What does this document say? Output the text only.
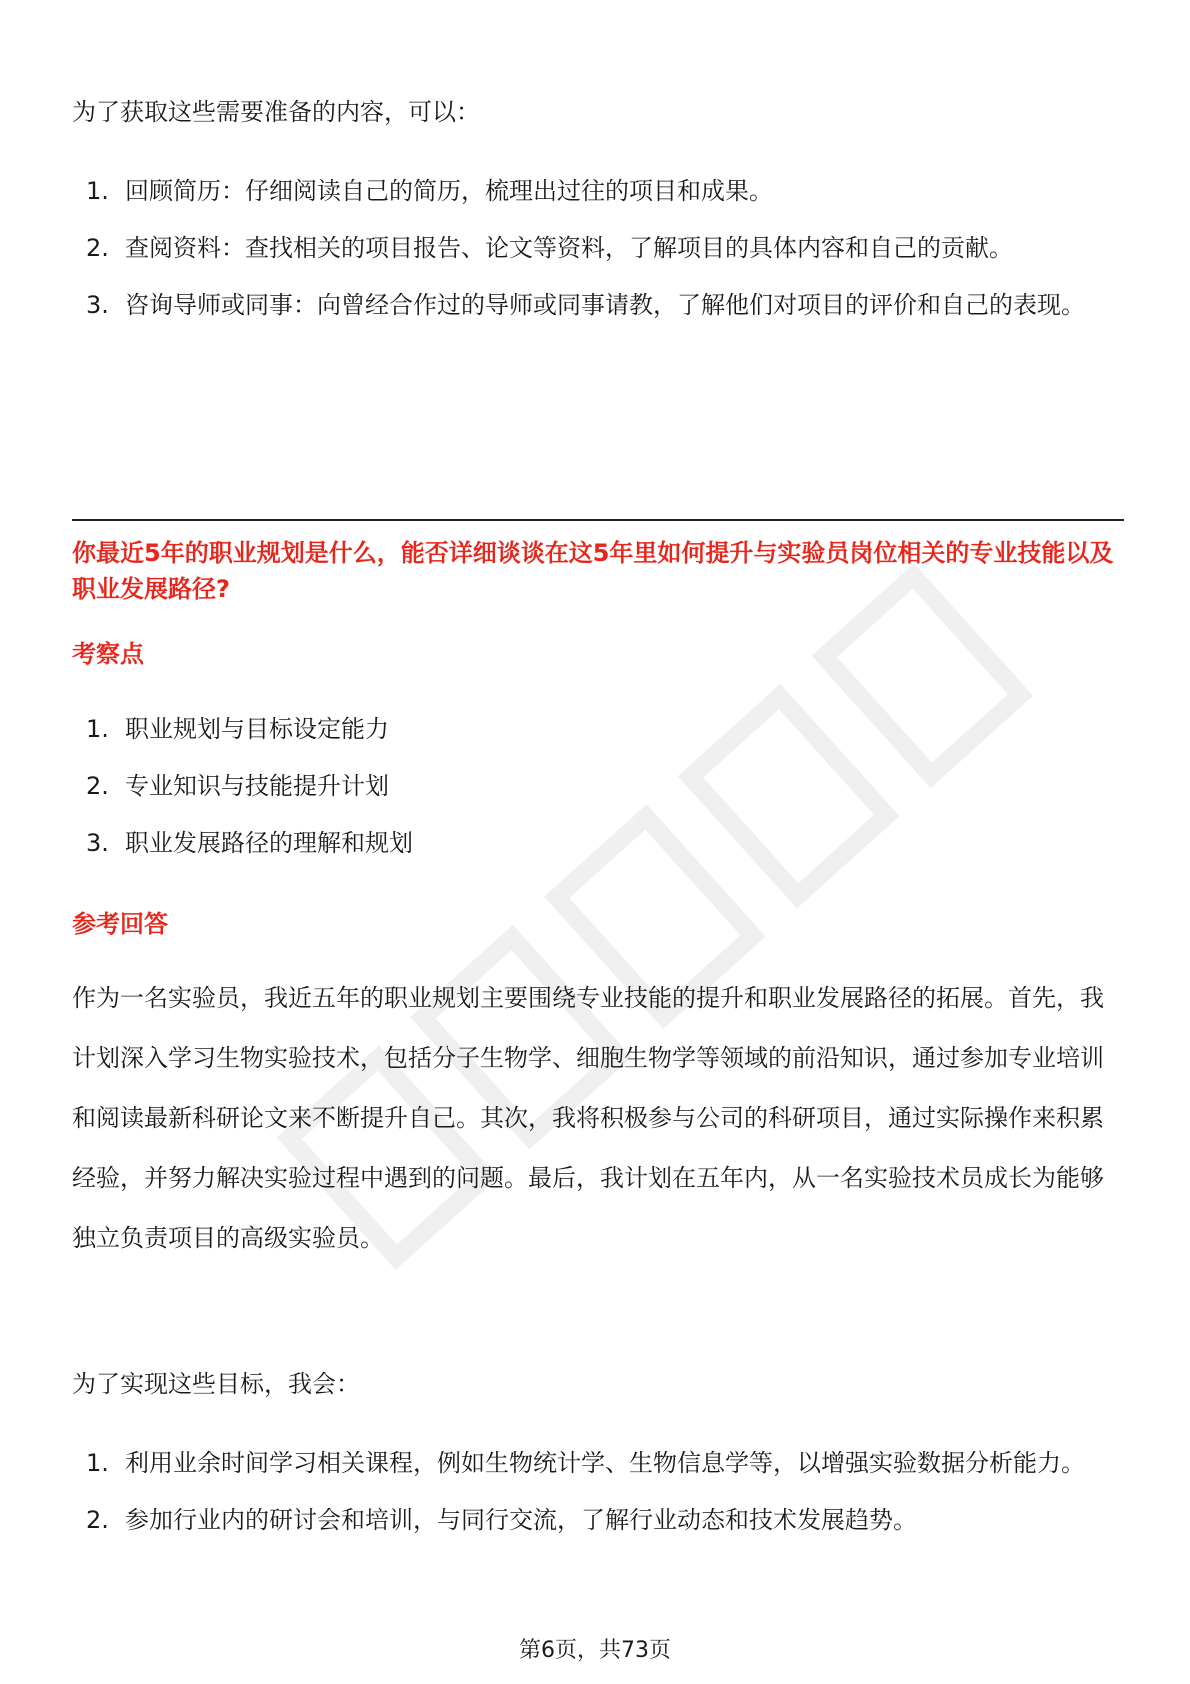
为了获取这些需要准备的内容，可以：

1. 回顾简历：仔细阅读自己的简历，梳理出过往的项目和成果。
2. 查阅资料：查找相关的项目报告、论文等资料，了解项目的具体内容和自己的贡献。
3. 咨询导师或同事：向曾经合作过的导师或同事请教，了解他们对项目的评价和自己的表现。

你最近5年的职业规划是什么，能否详细谈谈在这5年里如何提升与实验员岗位相关的专业技能以及职业发展路径?

考察点

1. 职业规划与目标设定能力
2. 专业知识与技能提升计划
3. 职业发展路径的理解和规划

参考回答

作为一名实验员，我近五年的职业规划主要围绕专业技能的提升和职业发展路径的拓展。首先，我计划深入学习生物实验技术，包括分子生物学、细胞生物学等领域的前沿知识，通过参加专业培训和阅读最新科研论文来不断提升自己。其次，我将积极参与公司的科研项目，通过实际操作来积累经验，并努力解决实验过程中遇到的问题。最后，我计划在五年内，从一名实验技术员成长为能够独立负责项目的高级实验员。

为了实现这些目标，我会：

1. 利用业余时间学习相关课程，例如生物统计学、生物信息学等，以增强实验数据分析能力。
2. 参加行业内的研讨会和培训，与同行交流，了解行业动态和技术发展趋势。
第6页，共73页
